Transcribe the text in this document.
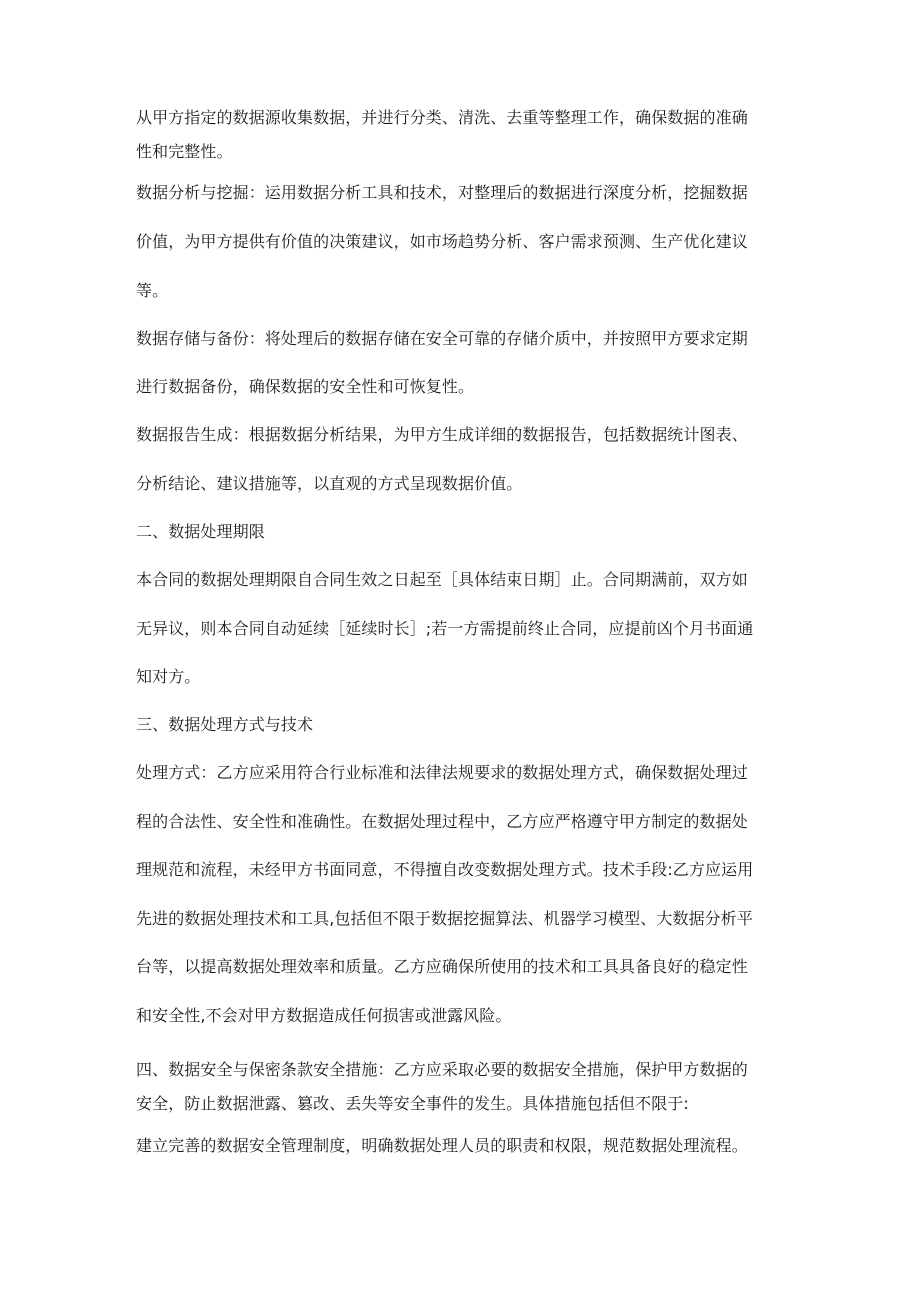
从甲方指定的数据源收集数据，并进行分类、清洗、去重等整理工作，确保数据的准确
性和完整性。

数据分析与挖掘：运用数据分析工具和技术，对整理后的数据进行深度分析，挖掘数据
价值，为甲方提供有价值的决策建议，如市场趋势分析、客户需求预测、生产优化建议
等。

数据存储与备份：将处理后的数据存储在安全可靠的存储介质中，并按照甲方要求定期
进行数据备份，确保数据的安全性和可恢复性。

数据报告生成：根据数据分析结果，为甲方生成详细的数据报告，包括数据统计图表、
分析结论、建议措施等，以直观的方式呈现数据价值。

二、数据处理期限

本合同的数据处理期限自合同生效之日起至［具体结束日期］止。合同期满前，双方如
无异议，则本合同自动延续［延续时长］;若一方需提前终止合同，应提前凶个月书面通
知对方。

三、数据处理方式与技术

处理方式：乙方应采用符合行业标准和法律法规要求的数据处理方式，确保数据处理过
程的合法性、安全性和准确性。在数据处理过程中，乙方应严格遵守甲方制定的数据处
理规范和流程，未经甲方书面同意，不得擅自改变数据处理方式。技术手段:乙方应运用
先进的数据处理技术和工具,包括但不限于数据挖掘算法、机器学习模型、大数据分析平
台等，以提高数据处理效率和质量。乙方应确保所使用的技术和工具具备良好的稳定性
和安全性,不会对甲方数据造成任何损害或泄露风险。

四、数据安全与保密条款安全措施：乙方应采取必要的数据安全措施，保护甲方数据的
安全，防止数据泄露、篡改、丢失等安全事件的发生。具体措施包括但不限于:

建立完善的数据安全管理制度，明确数据处理人员的职责和权限，规范数据处理流程。
